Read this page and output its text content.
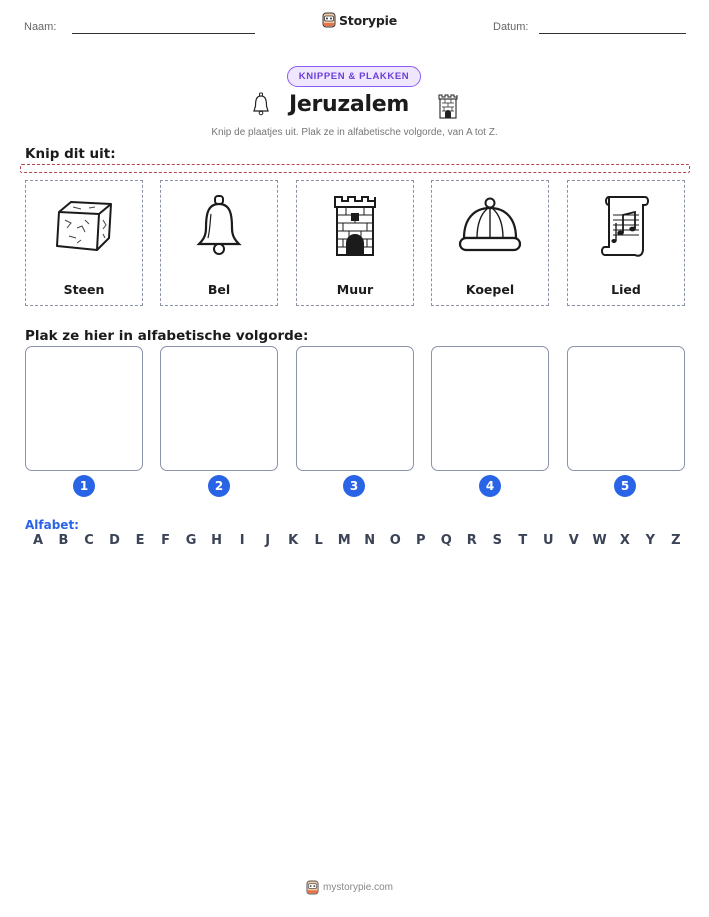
Naam:	Storypie	Datum:
KNIPPEN & PLAKKEN
Jeruzalem
Knip de plaatjes uit. Plak ze in alfabetische volgorde, van A tot Z.
Knip dit uit:
Steen	Bel	Muur	Koepel	Lied
Plak ze hier in alfabetische volgorde:
1	2	3	4	5
Alfabet:
A B C D E F G H	I	J	K L M N O P Q R S T U V W X Y Z
mystorypie.com
